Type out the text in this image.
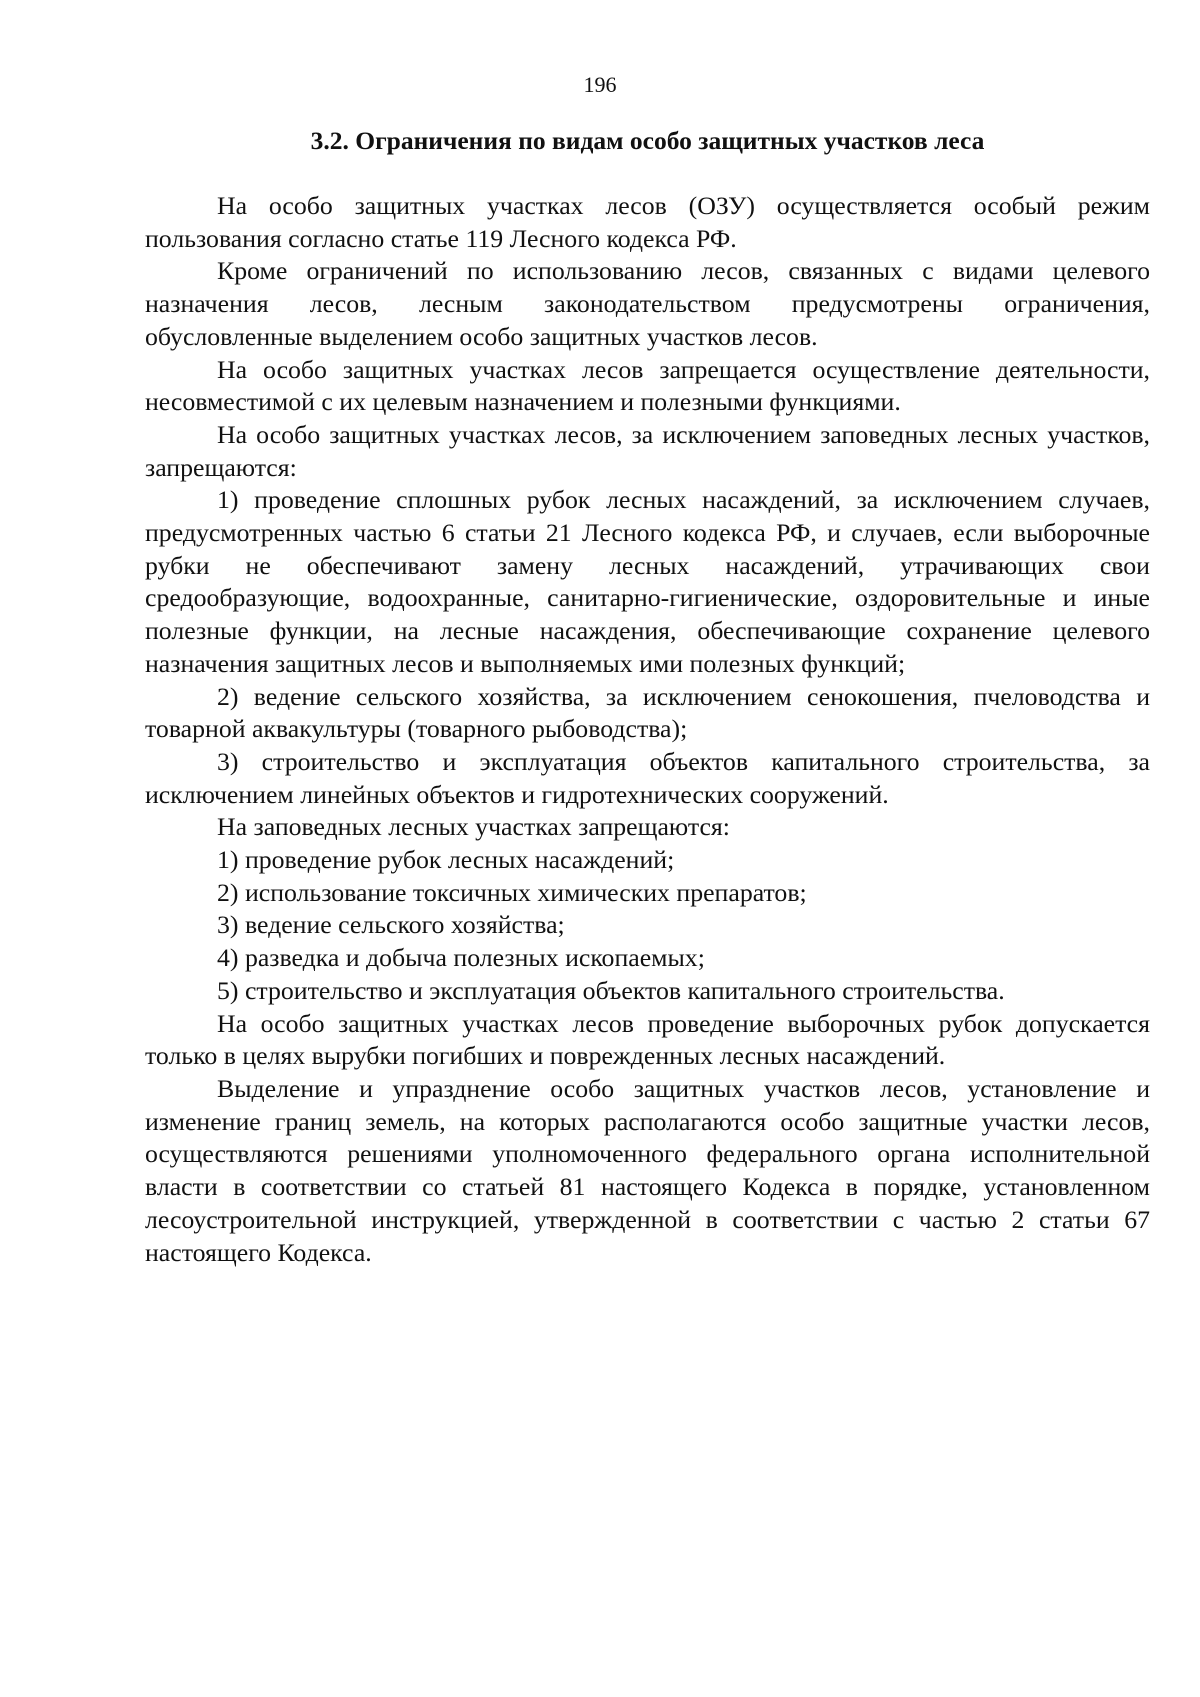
196
3.2. Ограничения по видам особо защитных участков леса

На особо защитных участках лесов (ОЗУ) осуществляется особый режим пользования согласно статье 119 Лесного кодекса РФ.

Кроме ограничений по использованию лесов, связанных с видами целевого назначения лесов, лесным законодательством предусмотрены ограничения, обусловленные выделением особо защитных участков лесов.

На особо защитных участках лесов запрещается осуществление деятельности, несовместимой с их целевым назначением и полезными функциями.

На особо защитных участках лесов, за исключением заповедных лесных участков, запрещаются:

1) проведение сплошных рубок лесных насаждений, за исключением случаев, предусмотренных частью 6 статьи 21 Лесного кодекса РФ, и случаев, если выборочные рубки не обеспечивают замену лесных насаждений, утрачивающих свои средообразующие, водоохранные, санитарно-гигиенические, оздоровительные и иные полезные функции, на лесные насаждения, обеспечивающие сохранение целевого назначения защитных лесов и выполняемых ими полезных функций;

2) ведение сельского хозяйства, за исключением сенокошения, пчеловодства и товарной аквакультуры (товарного рыбоводства);

3) строительство и эксплуатация объектов капитального строительства, за исключением линейных объектов и гидротехнических сооружений.

На заповедных лесных участках запрещаются:

1) проведение рубок лесных насаждений;

2) использование токсичных химических препаратов;

3) ведение сельского хозяйства;

4) разведка и добыча полезных ископаемых;

5) строительство и эксплуатация объектов капитального строительства.

На особо защитных участках лесов проведение выборочных рубок допускается только в целях вырубки погибших и поврежденных лесных насаждений.

Выделение и упразднение особо защитных участков лесов, установление и изменение границ земель, на которых располагаются особо защитные участки лесов, осуществляются решениями уполномоченного федерального органа исполнительной власти в соответствии со статьей 81 настоящего Кодекса в порядке, установленном лесоустроительной инструкцией, утвержденной в соответствии с частью 2 статьи 67 настоящего Кодекса.
